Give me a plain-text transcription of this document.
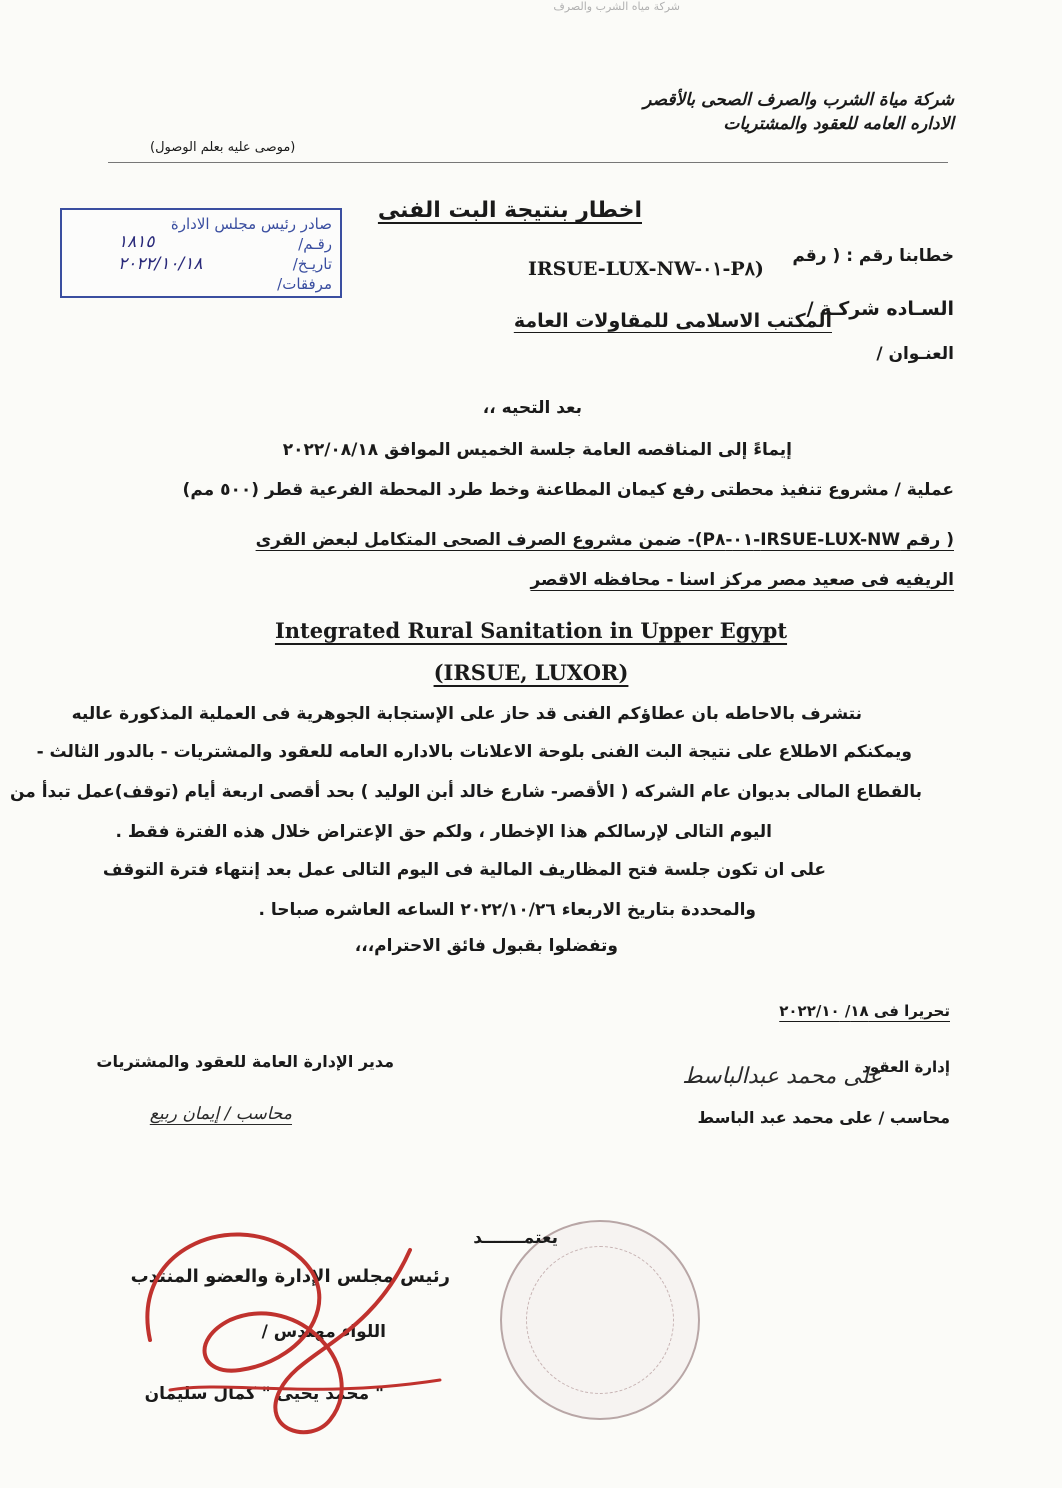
شركة مياه الشرب والصرف
شركة مياة الشرب والصرف الصحى بالأقصر
الاداره العامه للعقود والمشتريات
(موصى عليه بعلم الوصول)
صادر رئيس مجلس الادارة
رقـم/
تاريـخ/
مرفقات/
١٨١٥
٢٠٢٢/١٠/١٨
اخطار بنتيجة البت الفنى
خطابنا رقم : ( رقم
IRSUE-LUX-NW-٠١-P٨)
السـاده شركـة /
المكتب الاسلامى للمقاولات العامة
العنـوان /
بعد التحيه ،،
إيماءً إلى المناقصه العامة جلسة الخميس الموافق ٢٠٢٢/٠٨/١٨
عملية / مشروع تنفيذ محطتى رفع كيمان المطاعنة وخط طرد المحطة الفرعية قطر (٥٠٠ مم)
( رقم IRSUE-LUX-NW-٠١-P٨)- ضمن مشروع الصرف الصحى المتكامل لبعض القرى
الريفيه فى صعيد مصر مركز اسنا - محافظه الاقصر
Integrated Rural Sanitation in Upper Egypt
(IRSUE, LUXOR)
نتشرف بالاحاطه بان عطاؤكم الفنى قد حاز على الإستجابة الجوهرية فى العملية المذكورة عاليه
ويمكنكم الاطلاع على نتيجة البت الفنى بلوحة الاعلانات بالاداره العامه للعقود والمشتريات - بالدور الثالث -
بالقطاع المالى بديوان عام الشركه ( الأقصر- شارع خالد أبن الوليد ) بحد أقصى اربعة أيام (توقف)عمل تبدأ من
اليوم التالى لإرسالكم هذا الإخطار ، ولكم حق الإعتراض خلال هذه الفترة فقط .
على ان تكون جلسة فتح المظاريف المالية فى اليوم التالى عمل بعد إنتهاء فترة التوقف
والمحددة بتاريخ الاربعاء ٢٠٢٢/١٠/٢٦ الساعه العاشره صباحا .
وتفضلوا بقبول فائق الاحترام،،،
تحريرا فى ١٨/ ٢٠٢٢/١٠
إدارة العقود
على محمد عبدالباسط
محاسب / على محمد عبد الباسط
مدير الإدارة العامة للعقود والمشتريات
محاسب / إيمان ربيع
يعتمـــــــد
رئيس مجلس الإدارة والعضو المنتدب
اللواء مهندس /
" محمد يحيى " كمال سليمان
